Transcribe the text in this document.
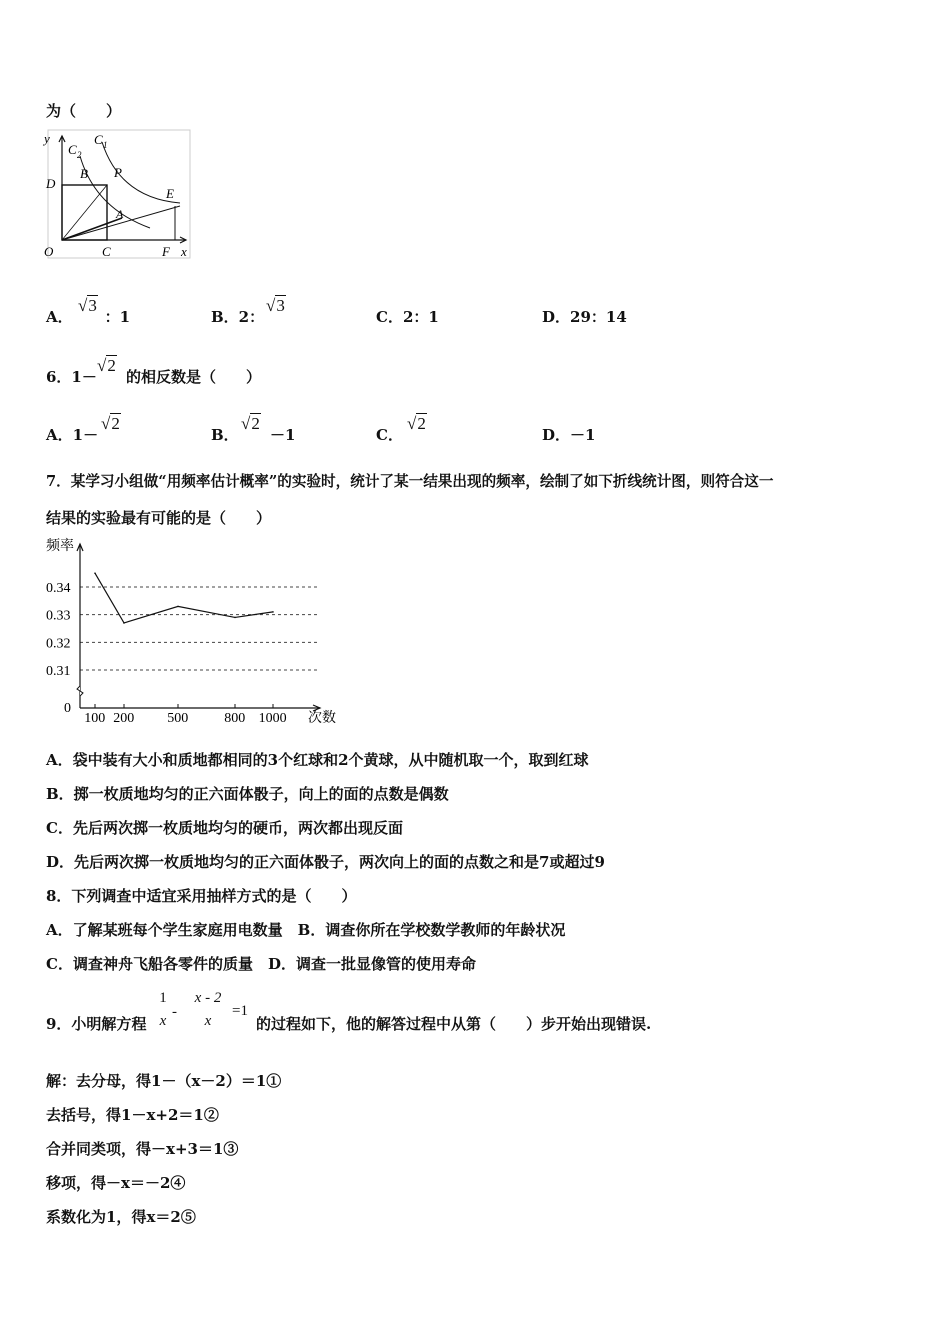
为（　　）
y
C 2
C 1
B P
D
E
A
O	C	F x
A． ：1
√3
B．2：
√3
C．2：1	D．29：14
6．1－
√2
的相反数是（　　）
A．1－
√2
B．
√2
－1	C．
√2
D．－1
7．某学习小组做“用频率估计概率”的实验时，统计了某一结果出现的频率，绘制了如下折线统计图，则符合这一
结果的实验最有可能的是（　　）
0.34
0.33
0.32
0.31
频率
次数
0
100 200 500	800 1000
A．袋中装有大小和质地都相同的3个红球和2个黄球，从中随机取一个，取到红球
B．掷一枚质地均匀的正六面体骰子，向上的面的点数是偶数
C．先后两次掷一枚质地均匀的硬币，两次都出现反面
D．先后两次掷一枚质地均匀的正六面体骰子，两次向上的面的点数之和是7或超过9
8．下列调查中适宜采用抽样方式的是（　　）
A．了解某班每个学生家庭用电数量　B．调查你所在学校数学教师的年龄状况
C．调查神舟飞船各零件的质量　D．调查一批显像管的使用寿命
9．小明解方程
1
x
-
x - 2
x
=1
的过程如下，他的解答过程中从第（　　）步开始出现错误.
解：去分母，得1－（x－2）＝1①
去括号，得1－x+2＝1②
合并同类项，得－x+3＝1③
移项，得－x＝－2④
系数化为1，得x＝2⑤
